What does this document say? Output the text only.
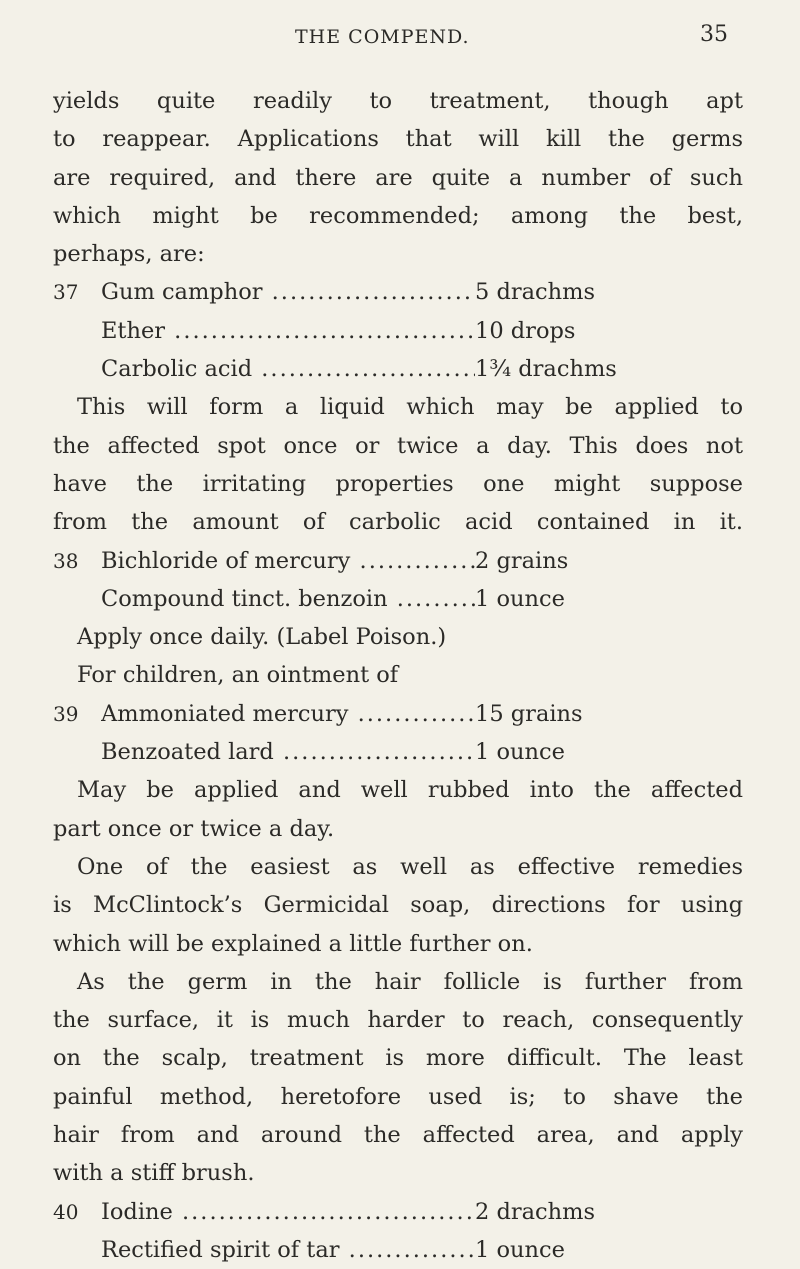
THE COMPEND.	35
yields quite readily to treatment, though apt
to reappear. Applications that will kill the germs
are required, and there are quite a number of such
which might be recommended; among the best,
perhaps, are:
37 Gum camphor .....	5 drachms
Ether .....	10 drops
Carbolic acid .....	1¾ drachms
This will form a liquid which may be applied to
the affected spot once or twice a day. This does not
have the irritating properties one might suppose
from the amount of carbolic acid contained in it.
38 Bichloride of mercury .....	2 grains
Compound tinct. benzoin .....	1 ounce
Apply once daily. (Label Poison.)
For children, an ointment of
39 Ammoniated mercury .....	15 grains
Benzoated lard .....	1 ounce
May be applied and well rubbed into the affected
part once or twice a day.
One of the easiest as well as effective remedies
is McClintock’s Germicidal soap, directions for using
which will be explained a little further on.
As the germ in the hair follicle is further from
the surface, it is much harder to reach, consequently
on the scalp, treatment is more difficult. The least
painful method, heretofore used is; to shave the
hair from and around the affected area, and apply
with a stiff brush.
40 Iodine .....	2 drachms
Rectified spirit of tar .....	1 ounce
